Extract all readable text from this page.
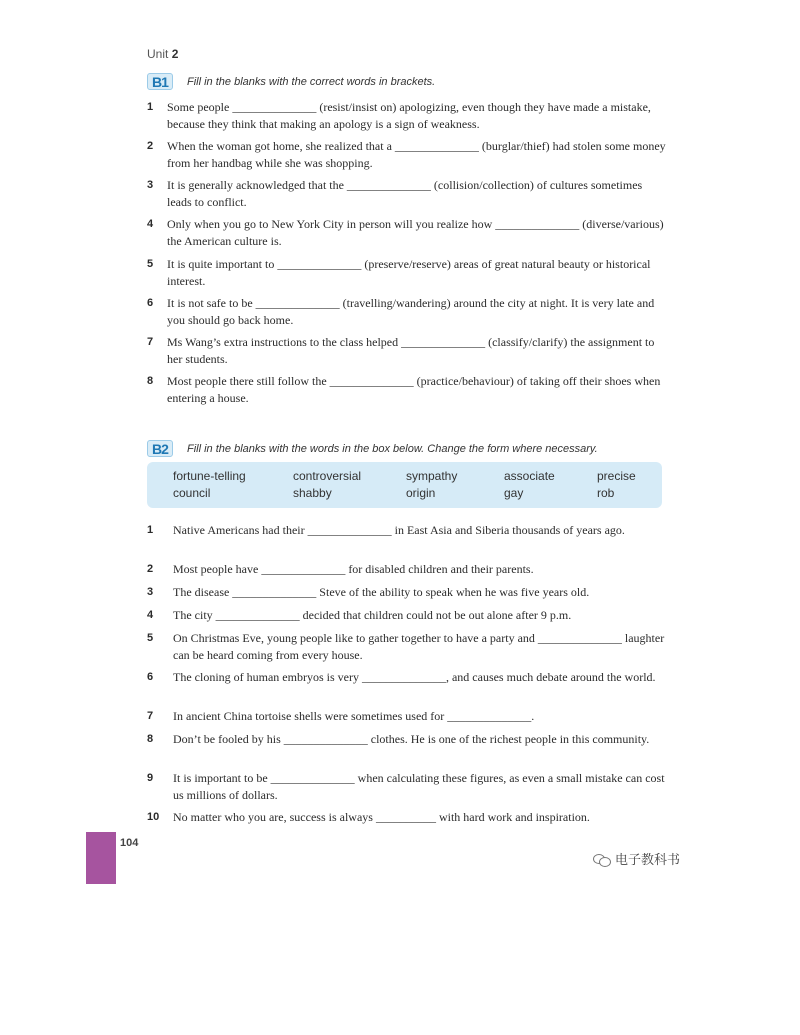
Unit 2
B1	Fill in the blanks with the correct words in brackets.
1 Some people ______________ (resist/insist on) apologizing, even though they have made a mistake, because they think that making an apology is a sign of weakness.
2 When the woman got home, she realized that a ______________ (burglar/thief) had stolen some money from her handbag while she was shopping.
3 It is generally acknowledged that the ______________ (collision/collection) of cultures sometimes leads to conflict.
4 Only when you go to New York City in person will you realize how ______________ (diverse/various) the American culture is.
5 It is quite important to ______________ (preserve/reserve) areas of great natural beauty or historical interest.
6 It is not safe to be ______________ (travelling/wandering) around the city at night. It is very late and you should go back home.
7 Ms Wang’s extra instructions to the class helped ______________ (classify/clarify) the assignment to her students.
8 Most people there still follow the ______________ (practice/behaviour) of taking off their shoes when entering a house.
B2	Fill in the blanks with the words in the box below. Change the form where necessary.
fortune-telling	controversial	sympathy	associate	precise
council	shabby	origin	gay	rob
1 Native Americans had their ______________ in East Asia and Siberia thousands of years ago.
2 Most people have ______________ for disabled children and their parents.
3 The disease ______________ Steve of the ability to speak when he was five years old.
4 The city ______________ decided that children could not be out alone after 9 p.m.
5 On Christmas Eve, young people like to gather together to have a party and ______________ laughter can be heard coming from every house.
6 The cloning of human embryos is very ______________, and causes much debate around the world.
7 In ancient China tortoise shells were sometimes used for ______________.
8 Don’t be fooled by his ______________ clothes. He is one of the richest people in this community.
9 It is important to be ______________ when calculating these figures, as even a small mistake can cost us millions of dollars.
10 No matter who you are, success is always __________ with hard work and inspiration.
104
电子教科书
